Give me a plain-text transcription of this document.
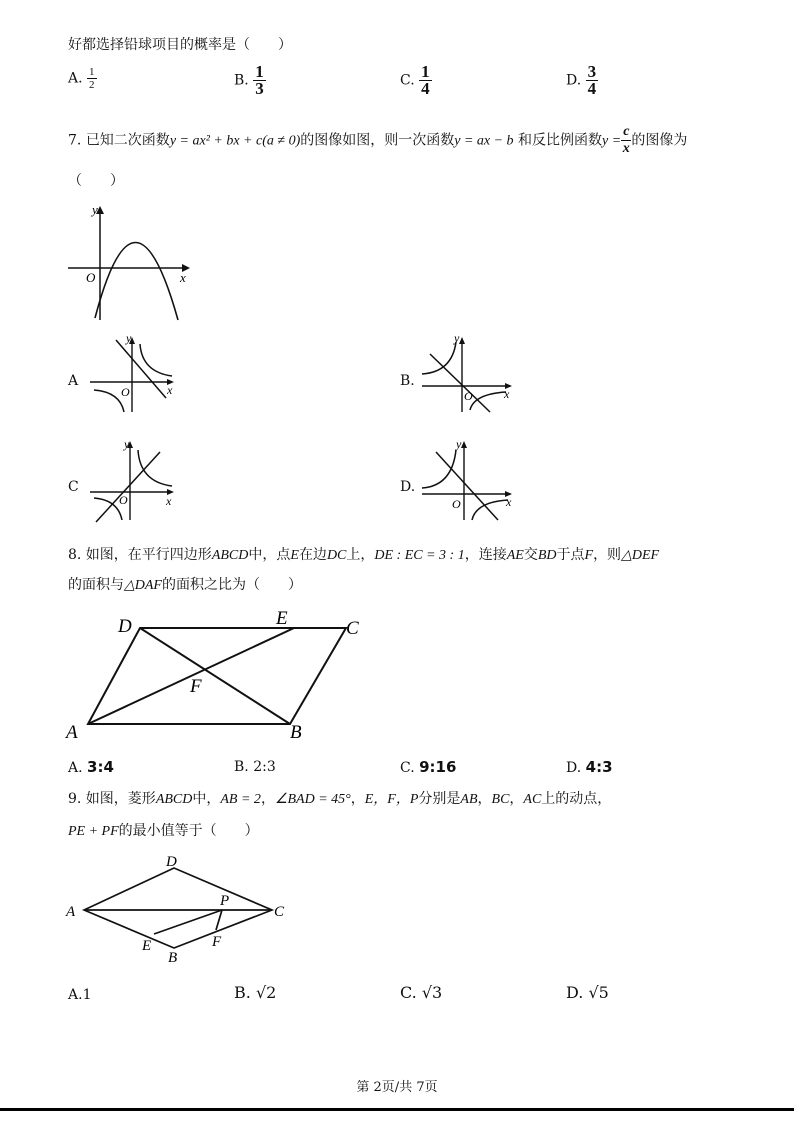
好都选择铅球项目的概率是（　　）
A. $\frac{1}{2}$	B. $\frac{1}{3}$	C. $\frac{1}{4}$	D. $\frac{3}{4}$
7. 已知二次函数y = ax² + bx + c(a ≠ 0)的图像如图，则一次函数y = ax − b 和反比例函数$y = \frac{c}{x}$ 的图像为
（　　）
y
x
O
A
y
x
O
B.
y
x
O
C
y
x
O
D.
y
x
O
8. 如图，在平行四边形ABCD中，点E在边DC上，DE : EC = 3 : 1，连接AE交BD于点F，则△DEF
的面积与△DAF的面积之比为（　　）
A	B
C
D	E
F
A. 3:4	B. 2:3	C. 9:16	D. 4:3
9. 如图，菱形ABCD中，AB = 2，∠BAD = 45°，E，F，P分别是AB，BC，AC上的动点，
PE + PF的最小值等于（　　）
A
B
C
D
E	F
P
A.1	B. √2	C. √3	D. √5
第 2页/共 7页
